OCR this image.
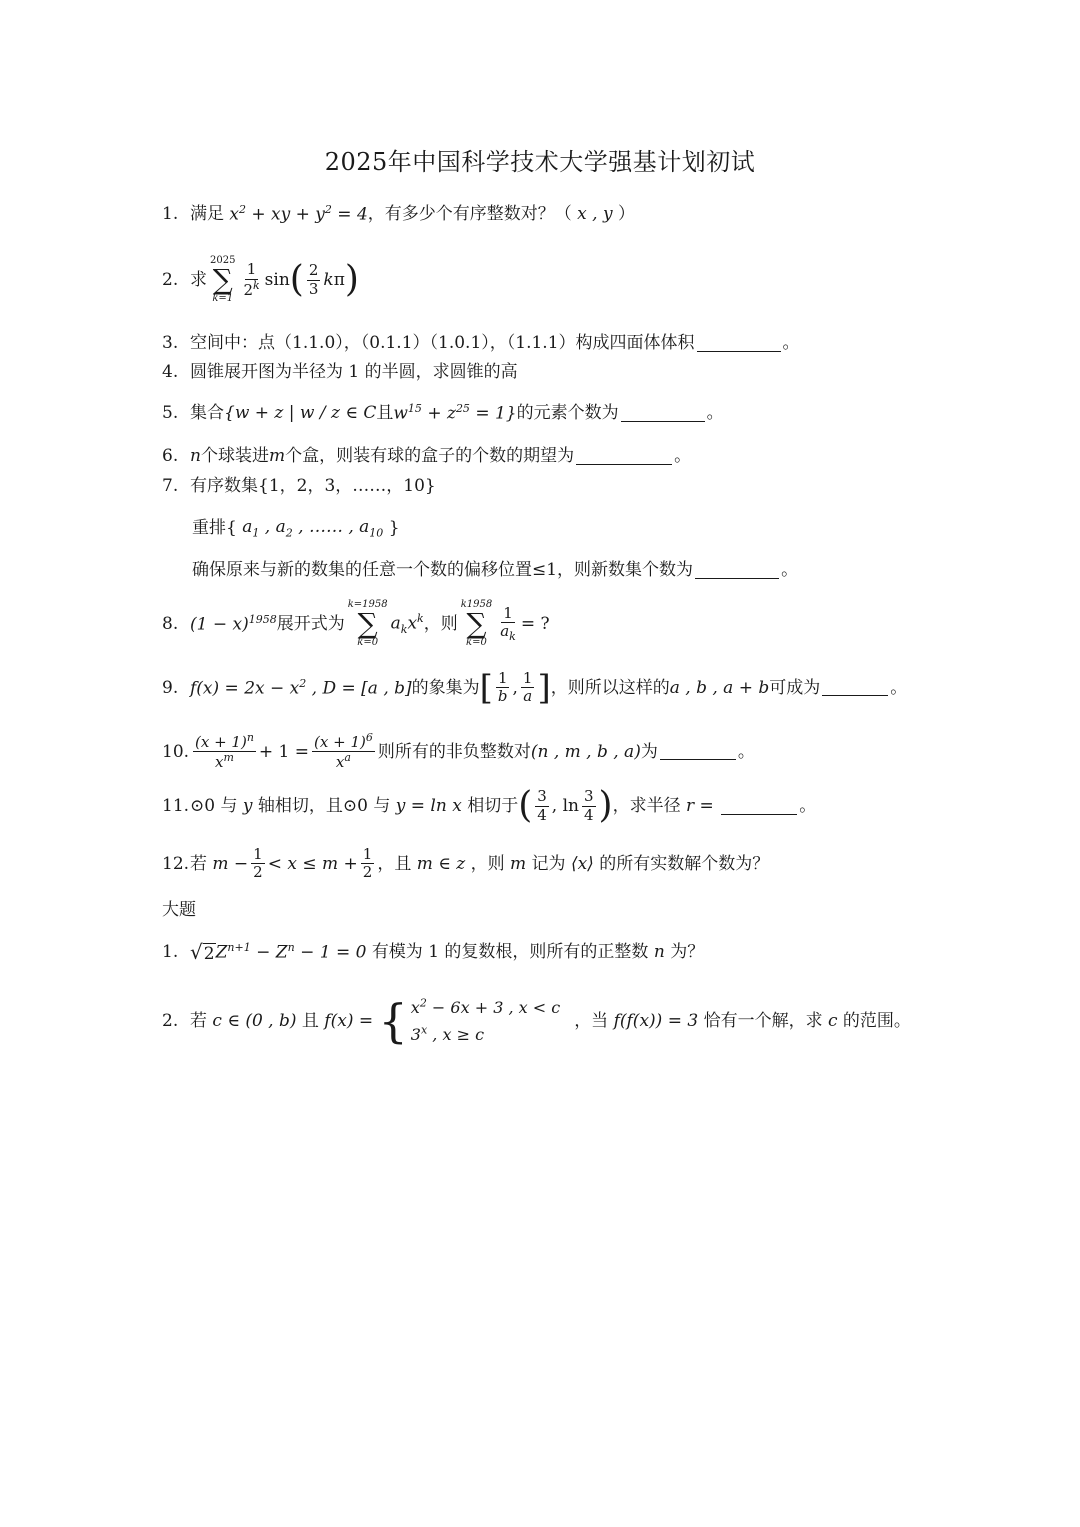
2025年中国科学技术大学强基计划初试
1. 满足 $x^2$ + xy + $y^2 = 4$ ，有多少个有序整数对？（ x , y ）
2. 求
2025
∑
$k=1 \frac{1}{2^k}$ sin ( $\frac{2}{3}$ k π )
3. 空间中：点（1.1.0），（0.1.1）（1.0.1），（1.1.1）构成四面体体积	。
4. 圆锥展开图为半径为 1 的半圆，求圆锥的高
5. 集合 {w + z | w / z ∈ C 且 $w^{15} + z^{25} = 1$} 的元素个数为	。
6. n 个球装进 m 个盒，则装有球的盒子的个数的期望为	。
7. 有序数集{1，2，3，……，10}
重排{ $a_1$ , $a_2$ , …… , $a_{10}$ }
确保原来与新的数集的任意一个数的偏移位置≤1，则新数集个数为	。
8. $(1 - x)^{1958}$ 展开式为
k=1958
∑
k=0
$a_kx^k$ ，则
k1958
∑
$k=0 \frac{1}{a_k}$ = ?
9. $f(x) = 2x - x^2$ , D = [a , b] 的象集为 [ $\frac{1}{b}$ , $\frac{1}{a}$ ] ，则所以这样的 a , b , a + b 可成为	。
10. $\frac{(x + 1)^n}{x^m} + 1 = \frac{(x + 1)^6}{x^a}$ 则所有的非负整数对 (n , m , b , a) 为	。
11. ⊙0 与 y 轴相切，且⊙0 与 y = ln x 相切于 ( $\frac{3}{4}$ , $\ln \frac{3}{4}$ ) ，求半径 r =	。
12. 若 $m - \frac{1}{2} < x \le m + \frac{1}{2}$ ，且 m ∈ z ，则 m 记为 ⟨x⟩ 的所有实数解个数为？
大题
1. √ 2 $Z^{n+1} - Z^n - 1 = 0$ 有模为 1 的复数根，则所有的正整数 n 为？
2. 若 c ∈ (0 , b) 且 f(x) = { $x^2 - 6x + 3$ , x < c
3$^x$ , x ≥ c
，当 f(f(x)) = 3 恰有一个解，求 c 的范围。
